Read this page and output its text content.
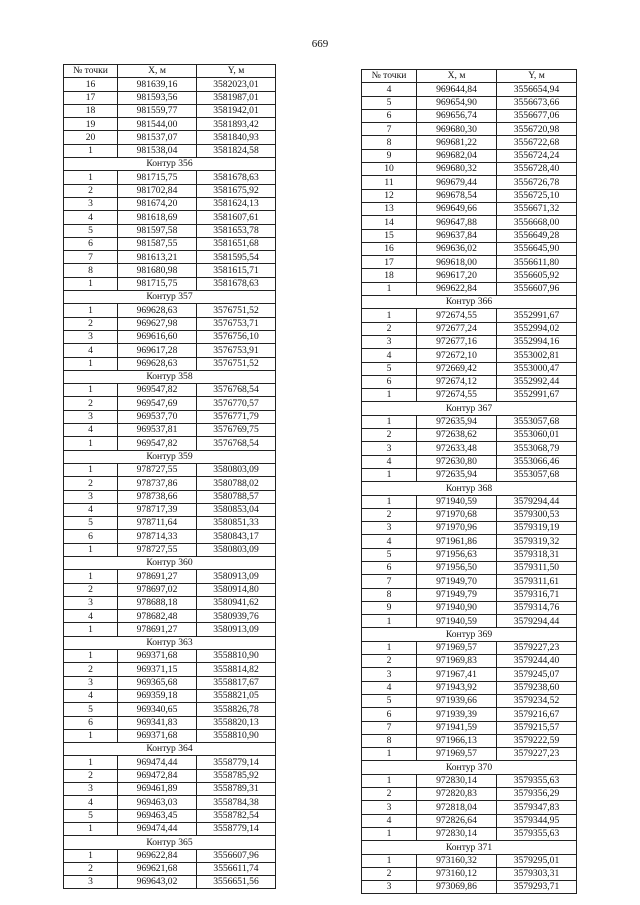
669
№ точки	X, м	Y, м
16	981639,16	3582023,01
17	981593,56	3581987,01
18	981559,77	3581942,01
19	981544,00	3581893,42
20	981537,07	3581840,93
1	981538,04	3581824,58
Контур 356		
1	981715,75	3581678,63
2	981702,84	3581675,92
3	981674,20	3581624,13
4	981618,69	3581607,61
5	981597,58	3581653,78
6	981587,55	3581651,68
7	981613,21	3581595,54
8	981680,98	3581615,71
1	981715,75	3581678,63
Контур 357		
1	969628,63	3576751,52
2	969627,98	3576753,71
3	969616,60	3576756,10
4	969617,28	3576753,91
1	969628,63	3576751,52
Контур 358		
1	969547,82	3576768,54
2	969547,69	3576770,57
3	969537,70	3576771,79
4	969537,81	3576769,75
1	969547,82	3576768,54
Контур 359		
1	978727,55	3580803,09
2	978737,86	3580788,02
3	978738,66	3580788,57
4	978717,39	3580853,04
5	978711,64	3580851,33
6	978714,33	3580843,17
1	978727,55	3580803,09
Контур 360		
1	978691,27	3580913,09
2	978697,02	3580914,80
3	978688,18	3580941,62
4	978682,48	3580939,76
1	978691,27	3580913,09
Контур 363		
1	969371,68	3558810,90
2	969371,15	3558814,82
3	969365,68	3558817,67
4	969359,18	3558821,05
5	969340,65	3558826,78
6	969341,83	3558820,13
1	969371,68	3558810,90
Контур 364		
1	969474,44	3558779,14
2	969472,84	3558785,92
3	969461,89	3558789,31
4	969463,03	3558784,38
5	969463,45	3558782,54
1	969474,44	3558779,14
Контур 365		
1	969622,84	3556607,96
2	969621,68	3556611,74
3	969643,02	3556651,56
№ точки	X, м	Y, м
4	969644,84	3556654,94
5	969654,90	3556673,66
6	969656,74	3556677,06
7	969680,30	3556720,98
8	969681,22	3556722,68
9	969682,04	3556724,24
10	969680,32	3556728,40
11	969679,44	3556726,78
12	969678,54	3556725,10
13	969649,66	3556671,32
14	969647,88	3556668,00
15	969637,84	3556649,28
16	969636,02	3556645,90
17	969618,00	3556611,80
18	969617,20	3556605,92
1	969622,84	3556607,96
Контур 366		
1	972674,55	3552991,67
2	972677,24	3552994,02
3	972677,16	3552994,16
4	972672,10	3553002,81
5	972669,42	3553000,47
6	972674,12	3552992,44
1	972674,55	3552991,67
Контур 367		
1	972635,94	3553057,68
2	972638,62	3553060,01
3	972633,48	3553068,79
4	972630,80	3553066,46
1	972635,94	3553057,68
Контур 368		
1	971940,59	3579294,44
2	971970,68	3579300,53
3	971970,96	3579319,19
4	971961,86	3579319,32
5	971956,63	3579318,31
6	971956,50	3579311,50
7	971949,70	3579311,61
8	971949,79	3579316,71
9	971940,90	3579314,76
1	971940,59	3579294,44
Контур 369		
1	971969,57	3579227,23
2	971969,83	3579244,40
3	971967,41	3579245,07
4	971943,92	3579238,60
5	971939,66	3579234,52
6	971939,39	3579216,67
7	971941,59	3579215,57
8	971966,13	3579222,59
1	971969,57	3579227,23
Контур 370		
1	972830,14	3579355,63
2	972820,83	3579356,29
3	972818,04	3579347,83
4	972826,64	3579344,95
1	972830,14	3579355,63
Контур 371		
1	973160,32	3579295,01
2	973160,12	3579303,31
3	973069,86	3579293,71
